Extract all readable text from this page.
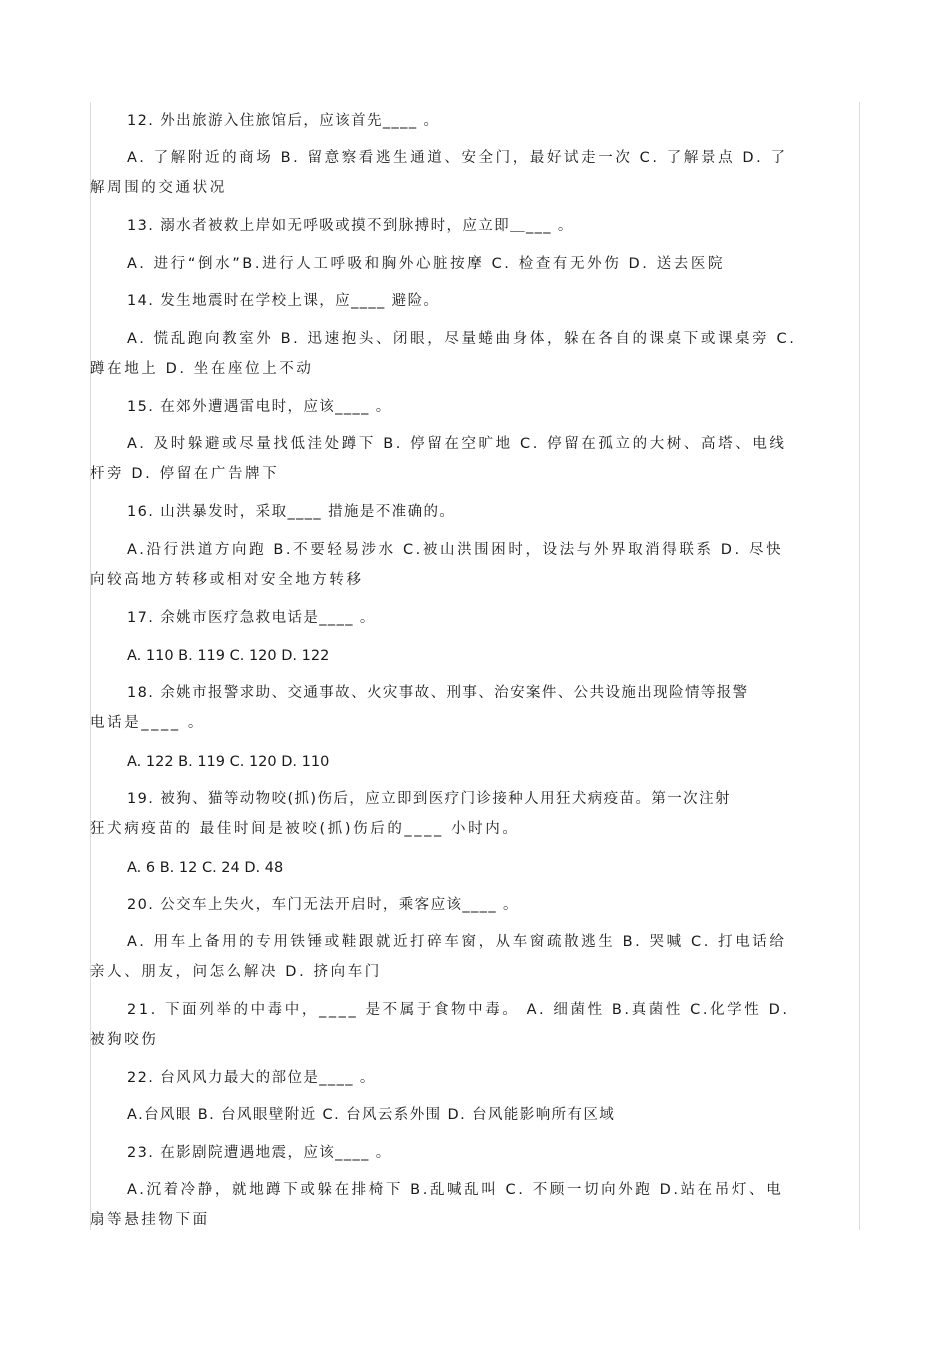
12. 外出旅游入住旅馆后，应该首先____ 。
A. 了解附近的商场 B. 留意察看逃生通道、安全门，最好试走一次 C. 了解景点 D. 了
解周围的交通状况
13. 溺水者被救上岸如无呼吸或摸不到脉搏时，应立即＿___ 。
A. 进行“倒水”B.进行人工呼吸和胸外心脏按摩 C. 检查有无外伤 D. 送去医院
14. 发生地震时在学校上课，应____ 避险。
A. 慌乱跑向教室外 B. 迅速抱头、闭眼，尽量蜷曲身体，躲在各自的课桌下或课桌旁 C.
蹲在地上 D. 坐在座位上不动
15. 在郊外遭遇雷电时，应该____ 。
A. 及时躲避或尽量找低洼处蹲下 B. 停留在空旷地 C. 停留在孤立的大树、高塔、电线
杆旁 D. 停留在广告牌下
16. 山洪暴发时，采取____ 措施是不准确的。
A.沿行洪道方向跑 B.不要轻易涉水 C.被山洪围困时，设法与外界取消得联系 D. 尽快
向较高地方转移或相对安全地方转移
17. 余姚市医疗急救电话是____ 。
A. 110 B. 119 C. 120 D. 122
18. 余姚市报警求助、交通事故、火灾事故、刑事、治安案件、公共设施出现险情等报警
电话是____ 。
A. 122 B. 119 C. 120 D. 110
19. 被狗、猫等动物咬(抓)伤后，应立即到医疗门诊接种人用狂犬病疫苗。第一次注射
狂犬病疫苗的 最佳时间是被咬(抓)伤后的____ 小时内。
A. 6 B. 12 C. 24 D. 48
20. 公交车上失火，车门无法开启时，乘客应该____ 。
A. 用车上备用的专用铁锤或鞋跟就近打碎车窗，从车窗疏散逃生 B. 哭喊 C. 打电话给
亲人、朋友，问怎么解决 D. 挤向车门
21. 下面列举的中毒中，____ 是不属于食物中毒。 A. 细菌性 B.真菌性 C.化学性 D.
被狗咬伤
22. 台风风力最大的部位是____ 。
A.台风眼 B. 台风眼壁附近 C. 台风云系外围 D. 台风能影响所有区域
23. 在影剧院遭遇地震，应该____ 。
A.沉着冷静，就地蹲下或躲在排椅下 B.乱喊乱叫 C. 不顾一切向外跑 D.站在吊灯、电
扇等悬挂物下面
